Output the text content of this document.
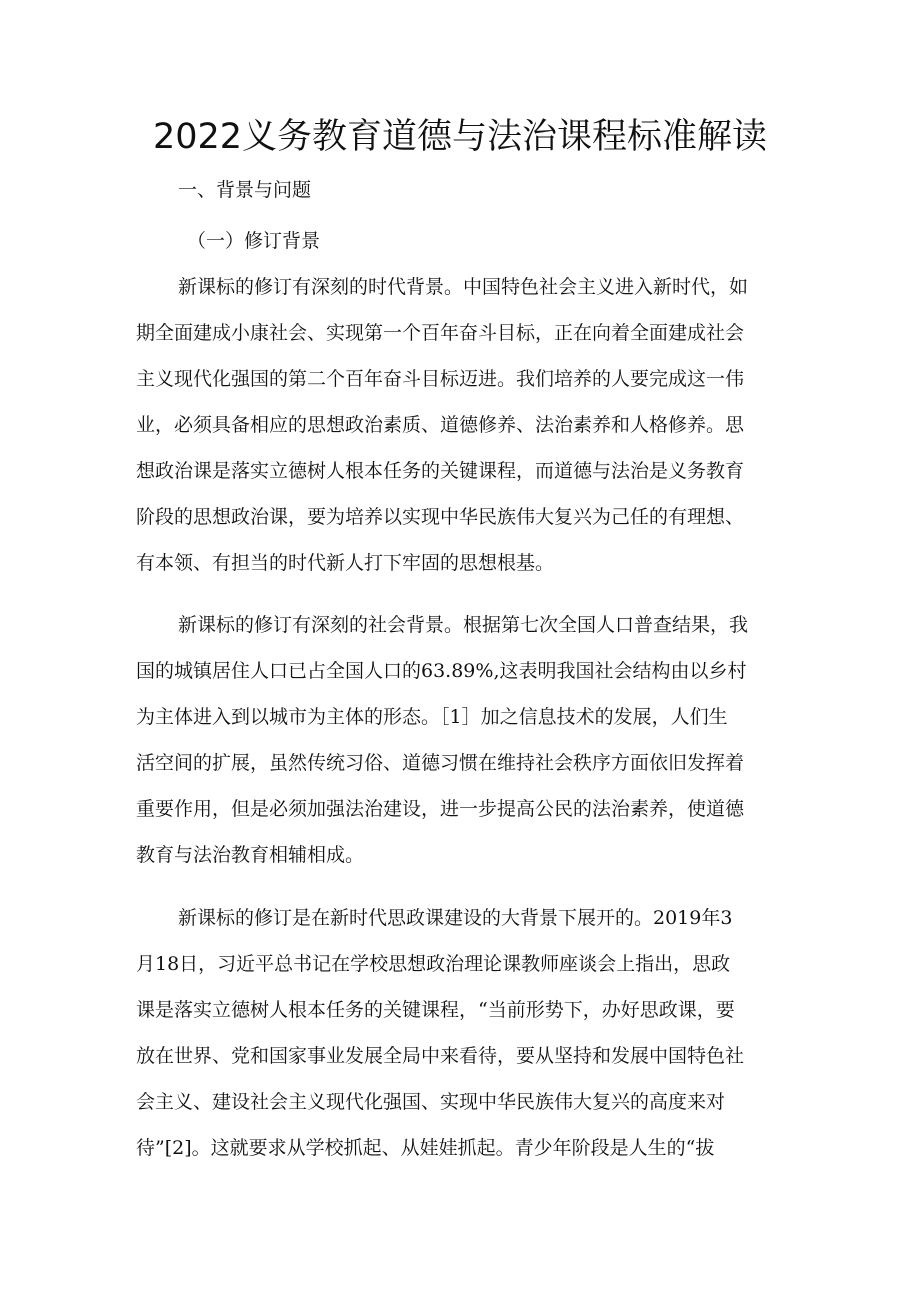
2022义务教育道德与法治课程标准解读
一、背景与问题
（一）修订背景
新课标的修订有深刻的时代背景。中国特色社会主义进入新时代，如
期全面建成小康社会、实现第一个百年奋斗目标，正在向着全面建成社会
主义现代化强国的第二个百年奋斗目标迈进。我们培养的人要完成这一伟
业，必须具备相应的思想政治素质、道德修养、法治素养和人格修养。思
想政治课是落实立德树人根本任务的关键课程，而道德与法治是义务教育
阶段的思想政治课，要为培养以实现中华民族伟大复兴为己任的有理想、
有本领、有担当的时代新人打下牢固的思想根基。
新课标的修订有深刻的社会背景。根据第七次全国人口普查结果，我
国的城镇居住人口已占全国人口的63.89%,这表明我国社会结构由以乡村
为主体进入到以城市为主体的形态。［1］加之信息技术的发展，人们生
活空间的扩展，虽然传统习俗、道德习惯在维持社会秩序方面依旧发挥着
重要作用，但是必须加强法治建设，进一步提高公民的法治素养，使道德
教育与法治教育相辅相成。
新课标的修订是在新时代思政课建设的大背景下展开的。2019年3
月18日，习近平总书记在学校思想政治理论课教师座谈会上指出，思政
课是落实立德树人根本任务的关键课程，“当前形势下，办好思政课，要
放在世界、党和国家事业发展全局中来看待，要从坚持和发展中国特色社
会主义、建设社会主义现代化强国、实现中华民族伟大复兴的高度来对
待”[2]。这就要求从学校抓起、从娃娃抓起。青少年阶段是人生的“拔
